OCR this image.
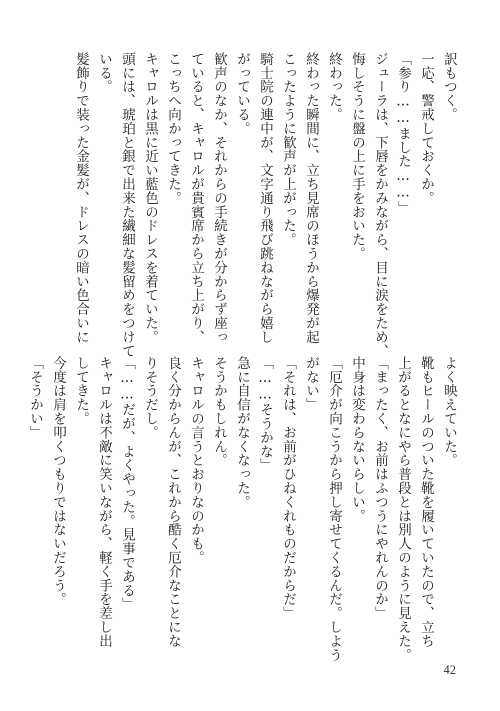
訳もつく。
一応、警戒しておくか。
「参り……ました……」
ジューラは、下唇をかみながら、目に涙をため、
悔しそうに盤の上に手をおいた。
終わった。
終わった瞬間に、立ち見席のほうから爆発が起
こったように歓声が上がった。
騎士院の連中が、文字通り飛び跳ねながら嬉し
がっている。
歓声のなか、それからの手続きが分からず座っ
ていると、キャロルが貴賓席から立ち上がり、
こっちへ向かってきた。
キャロルは黒に近い藍色のドレスを着ていた。
頭には、琥珀と銀で出来た繊細な髪留めをつけて
いる。
髪飾りで装った金髪が、ドレスの暗い色合いに
よく映えていた。
靴もヒールのついた靴を履いていたので、立ち
上がるとなにやら普段とは別人のように見えた。
「まったく、お前はふつうにやれんのか」
中身は変わらないらしい。
「厄介が向こうから押し寄せてくるんだ。しよう
がない」
「それは、お前がひねくれものだからだ」
「……そうかな」
急に自信がなくなった。
そうかもしれん。
キャロルの言うとおりなのかも。
良く分からんが、これから酷く厄介なことにな
りそうだし。
「……だが、よくやった。見事である」
キャロルは不敵に笑いながら、軽く手を差し出
してきた。
今度は肩を叩くつもりではないだろう。
「そうかい」
42
